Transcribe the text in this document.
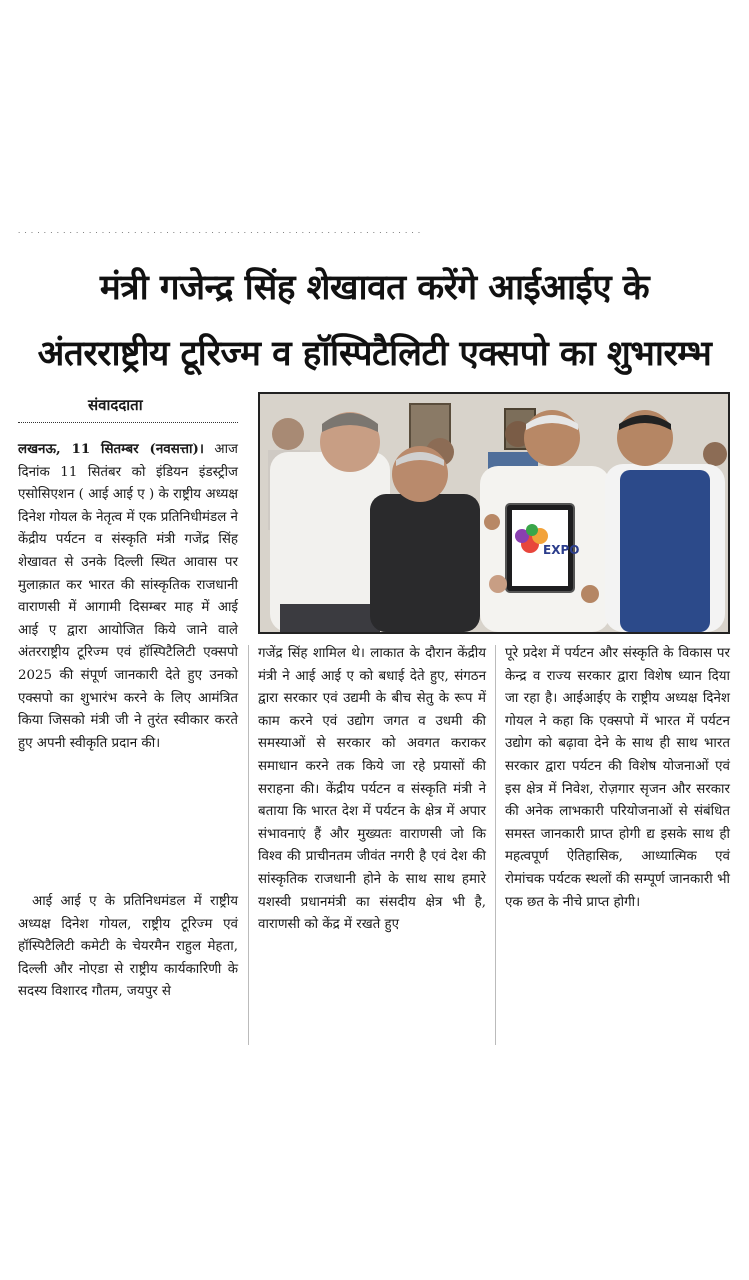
· · · · · · · · · · · · · · · · · · · · · · · · · · · · · · · · · · · · · · · · · · · · · · · · · · · · · · · · · · · · · · ·
मंत्री गजेन्द्र सिंह शेखावत करेंगे आईआईए के
अंतरराष्ट्रीय टूरिज्म व हॉस्पिटैलिटी एक्सपो का शुभारम्भ
संवाददाता
EXPO

लखनऊ, 11 सितम्बर (नवसत्ता)। आज दिनांक 11 सितंबर को इंडियन इंडस्ट्रीज एसोसिएशन ( आई आई ए ) के राष्ट्रीय अध्यक्ष दिनेश गोयल के नेतृत्व में एक प्रतिनिधीमंडल ने केंद्रीय पर्यटन व संस्कृति मंत्री गजेंद्र सिंह शेखावत से उनके दिल्ली स्थित आवास पर मुलाक़ात कर भारत की सांस्कृतिक राजधानी वाराणसी में आगामी दिसम्बर माह में आई आई ए द्वारा आयोजित किये जाने वाले अंतरराष्ट्रीय टूरिज्म एवं हॉस्पिटैलिटी एक्सपो 2025 की संपूर्ण जानकारी देते हुए उनको एक्सपो का शुभारंभ करने के लिए आमंत्रित किया जिसको मंत्री जी ने तुरंत स्वीकार करते हुए अपनी स्वीकृति प्रदान की।

आई आई ए के प्रतिनिधमंडल में राष्ट्रीय अध्यक्ष दिनेश गोयल, राष्ट्रीय टूरिज्म एवं हॉस्पिटैलिटी कमेटी के चेयरमैन राहुल मेहता, दिल्ली और नोएडा से राष्ट्रीय कार्यकारिणी के सदस्य विशारद गौतम, जयपुर से

गजेंद्र सिंह शामिल थे। लाकात के दौरान केंद्रीय मंत्री ने आई आई ए को बधाई देते हुए, संगठन द्वारा सरकार एवं उद्यमी के बीच सेतु के रूप में काम करने एवं उद्योग जगत व उधमी की समस्याओं से सरकार को अवगत कराकर समाधान करने तक किये जा रहे प्रयासों की सराहना की। केंद्रीय पर्यटन व संस्कृति मंत्री ने बताया कि भारत देश में पर्यटन के क्षेत्र में अपार संभावनाएं हैं और मुख्यतः वाराणसी जो कि विश्व की प्राचीनतम जीवंत नगरी है एवं देश की सांस्कृतिक राजधानी होने के साथ साथ हमारे यशस्वी प्रधानमंत्री का संसदीय क्षेत्र भी है, वाराणसी को केंद्र में रखते हुए

पूरे प्रदेश में पर्यटन और संस्कृति के विकास पर केन्द्र व राज्य सरकार द्वारा विशेष ध्यान दिया जा रहा है। आईआईए के राष्ट्रीय अध्यक्ष दिनेश गोयल ने कहा कि एक्सपो में भारत में पर्यटन उद्योग को बढ़ावा देने के साथ ही साथ भारत सरकार द्वारा पर्यटन की विशेष योजनाओं एवं इस क्षेत्र में निवेश, रोज़गार सृजन और सरकार की अनेक लाभकारी परियोजनाओं से संबंधित समस्त जानकारी प्राप्त होगी द्य इसके साथ ही महत्वपूर्ण ऐतिहासिक, आध्यात्मिक एवं रोमांचक पर्यटक स्थलों की सम्पूर्ण जानकारी भी एक छत के नीचे प्राप्त होगी।
